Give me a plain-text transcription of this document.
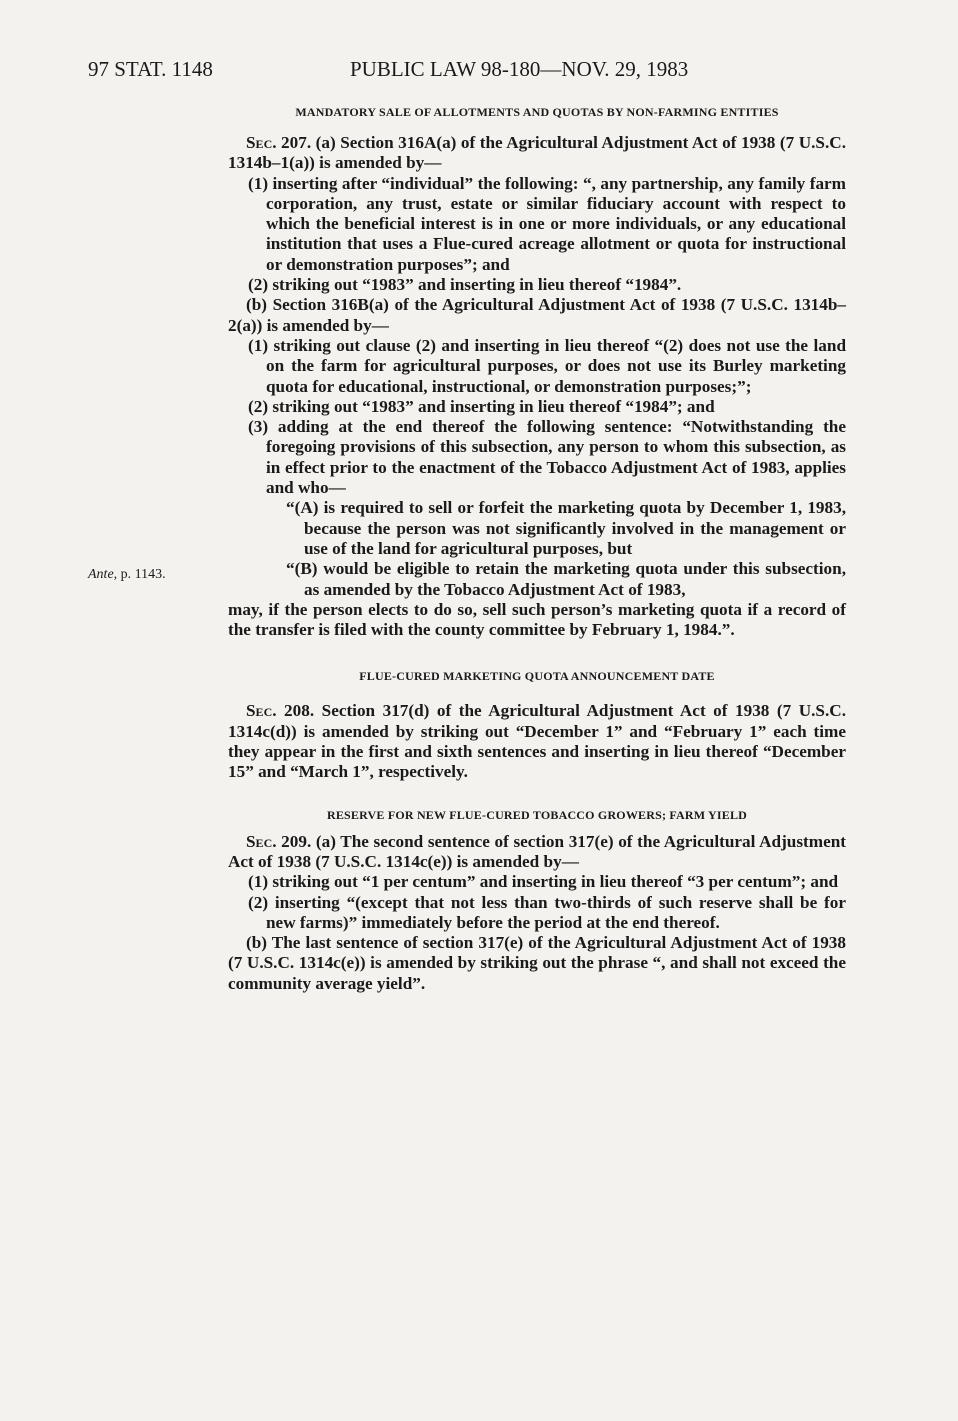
97 STAT. 1148	PUBLIC LAW 98-180—NOV. 29, 1983
Ante, p. 1143.
MANDATORY SALE OF ALLOTMENTS AND QUOTAS BY NON-FARMING ENTITIES

Sec. 207. (a) Section 316A(a) of the Agricultural Adjustment Act of 1938 (7 U.S.C. 1314b–1(a)) is amended by—

(1) inserting after “individual” the following: “, any partnership, any family farm corporation, any trust, estate or similar fiduciary account with respect to which the beneficial interest is in one or more individuals, or any educational institution that uses a Flue-cured acreage allotment or quota for instructional or demonstration purposes”; and

(2) striking out “1983” and inserting in lieu thereof “1984”.

(b) Section 316B(a) of the Agricultural Adjustment Act of 1938 (7 U.S.C. 1314b–2(a)) is amended by—

(1) striking out clause (2) and inserting in lieu thereof “(2) does not use the land on the farm for agricultural purposes, or does not use its Burley marketing quota for educational, instructional, or demonstration purposes;”;

(2) striking out “1983” and inserting in lieu thereof “1984”; and

(3) adding at the end thereof the following sentence: “Notwithstanding the foregoing provisions of this subsection, any person to whom this subsection, as in effect prior to the enactment of the Tobacco Adjustment Act of 1983, applies and who—

“(A) is required to sell or forfeit the marketing quota by December 1, 1983, because the person was not significantly involved in the management or use of the land for agricultural purposes, but

“(B) would be eligible to retain the marketing quota under this subsection, as amended by the Tobacco Adjustment Act of 1983,

may, if the person elects to do so, sell such person’s marketing quota if a record of the transfer is filed with the county committee by February 1, 1984.”.

FLUE-CURED MARKETING QUOTA ANNOUNCEMENT DATE

Sec. 208. Section 317(d) of the Agricultural Adjustment Act of 1938 (7 U.S.C. 1314c(d)) is amended by striking out “December 1” and “February 1” each time they appear in the first and sixth sentences and inserting in lieu thereof “December 15” and “March 1”, respectively.

RESERVE FOR NEW FLUE-CURED TOBACCO GROWERS; FARM YIELD

Sec. 209. (a) The second sentence of section 317(e) of the Agricultural Adjustment Act of 1938 (7 U.S.C. 1314c(e)) is amended by—

(1) striking out “1 per centum” and inserting in lieu thereof “3 per centum”; and

(2) inserting “(except that not less than two-thirds of such reserve shall be for new farms)” immediately before the period at the end thereof.

(b) The last sentence of section 317(e) of the Agricultural Adjustment Act of 1938 (7 U.S.C. 1314c(e)) is amended by striking out the phrase “, and shall not exceed the community average yield”.
